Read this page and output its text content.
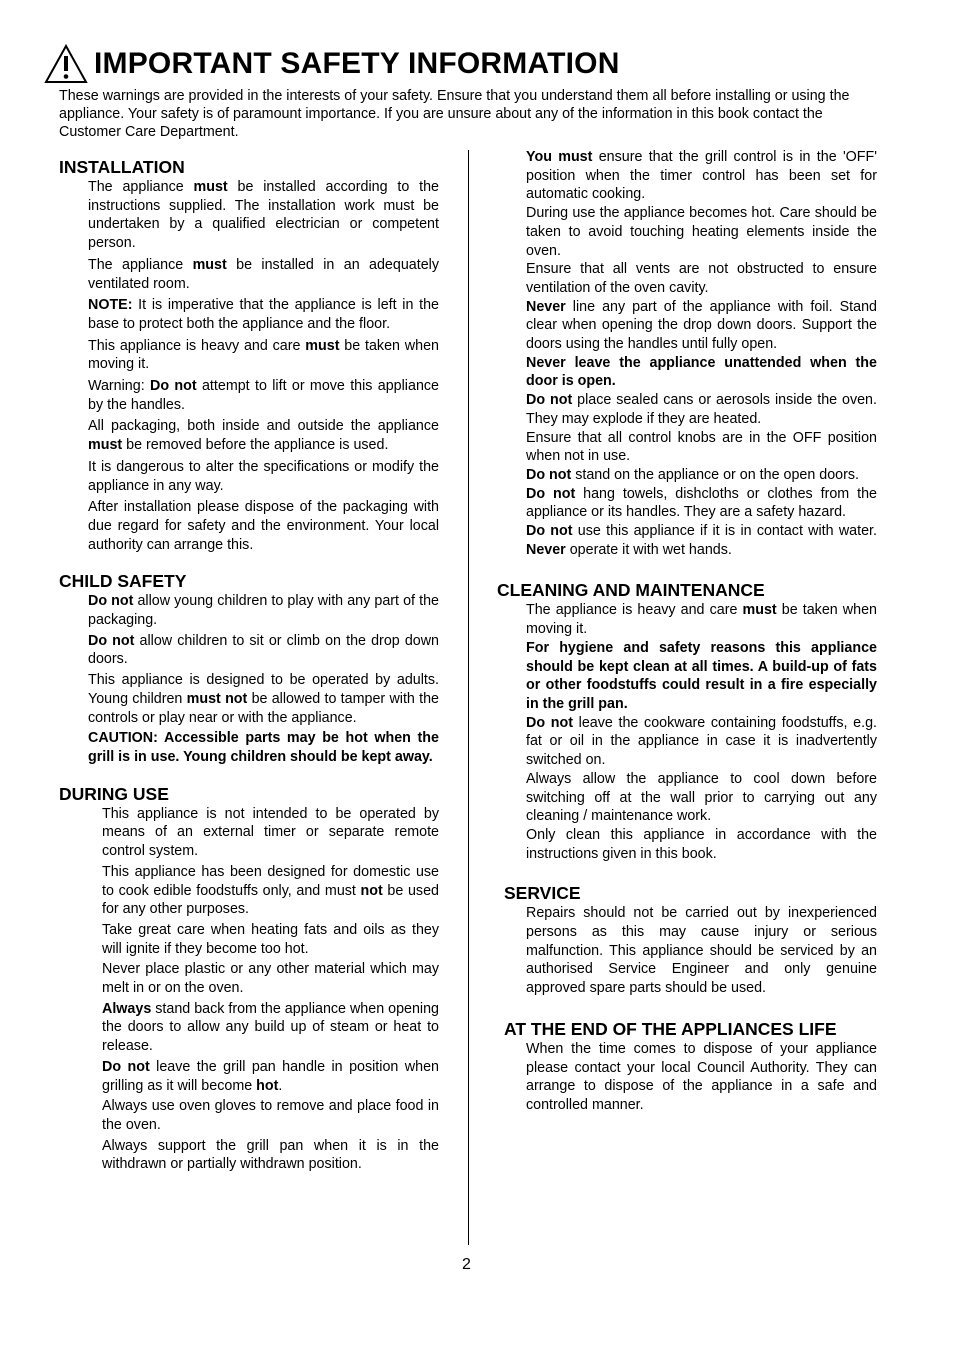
IMPORTANT SAFETY INFORMATION
These warnings are provided in the interests of your safety. Ensure that you understand them all before installing or using the appliance. Your safety is of paramount importance. If you are unsure about any of the information in this book contact the Customer Care Department.
INSTALLATION

The appliance must be installed according to the instructions supplied. The installation work must be undertaken by a qualified electrician or competent person.

The appliance must be installed in an adequately ventilated room.

NOTE: It is imperative that the appliance is left in the base to protect both the appliance and the floor.

This appliance is heavy and care must be taken when moving it.

Warning: Do not attempt to lift or move this appliance by the handles.

All packaging, both inside and outside the appliance must be removed before the appliance is used.

It is dangerous to alter the specifications or modify the appliance in any way.

After installation please dispose of the packaging with due regard for safety and the environment. Your local authority can arrange this.

CHILD SAFETY

Do not allow young children to play with any part of the packaging.

Do not allow children to sit or climb on the drop down doors.

This appliance is designed to be operated by adults. Young children must not be allowed to tamper with the controls or play near or with the appliance.

CAUTION: Accessible parts may be hot when the grill is in use. Young children should be kept away.

DURING USE

This appliance is not intended to be operated by means of an external timer or separate remote control system.

This appliance has been designed for domestic use to cook edible foodstuffs only, and must not be used for any other purposes.

Take great care when heating fats and oils as they will ignite if they become too hot.

Never place plastic or any other material which may melt in or on the oven.

Always stand back from the appliance when opening the doors to allow any build up of steam or heat to release.

Do not leave the grill pan handle in position when grilling as it will become hot.

Always use oven gloves to remove and place food in the oven.

Always support the grill pan when it is in the withdrawn or partially withdrawn position.

You must ensure that the grill control is in the 'OFF' position when the timer control has been set for automatic cooking.

During use the appliance becomes hot. Care should be taken to avoid touching heating elements inside the oven.

Ensure that all vents are not obstructed to ensure ventilation of the oven cavity.

Never line any part of the appliance with foil. Stand clear when opening the drop down doors. Support the doors using the handles until fully open.

Never leave the appliance unattended when the door is open.

Do not place sealed cans or aerosols inside the oven. They may explode if they are heated.

Ensure that all control knobs are in the OFF position when not in use.

Do not stand on the appliance or on the open doors.

Do not hang towels, dishcloths or clothes from the appliance or its handles. They are a safety hazard.

Do not use this appliance if it is in contact with water. Never operate it with wet hands.

CLEANING AND MAINTENANCE

The appliance is heavy and care must be taken when moving it.

For hygiene and safety reasons this appliance should be kept clean at all times. A build-up of fats or other foodstuffs could result in a fire especially in the grill pan.

Do not leave the cookware containing foodstuffs, e.g. fat or oil in the appliance in case it is inadvertently switched on.

Always allow the appliance to cool down before switching off at the wall prior to carrying out any cleaning / maintenance work.

Only clean this appliance in accordance with the instructions given in this book.

SERVICE

Repairs should not be carried out by inexperienced persons as this may cause injury or serious malfunction. This appliance should be serviced by an authorised Service Engineer and only genuine approved spare parts should be used.

AT THE END OF THE APPLIANCES LIFE

When the time comes to dispose of your appliance please contact your local Council Authority. They can arrange to dispose of the appliance in a safe and controlled manner.

2
